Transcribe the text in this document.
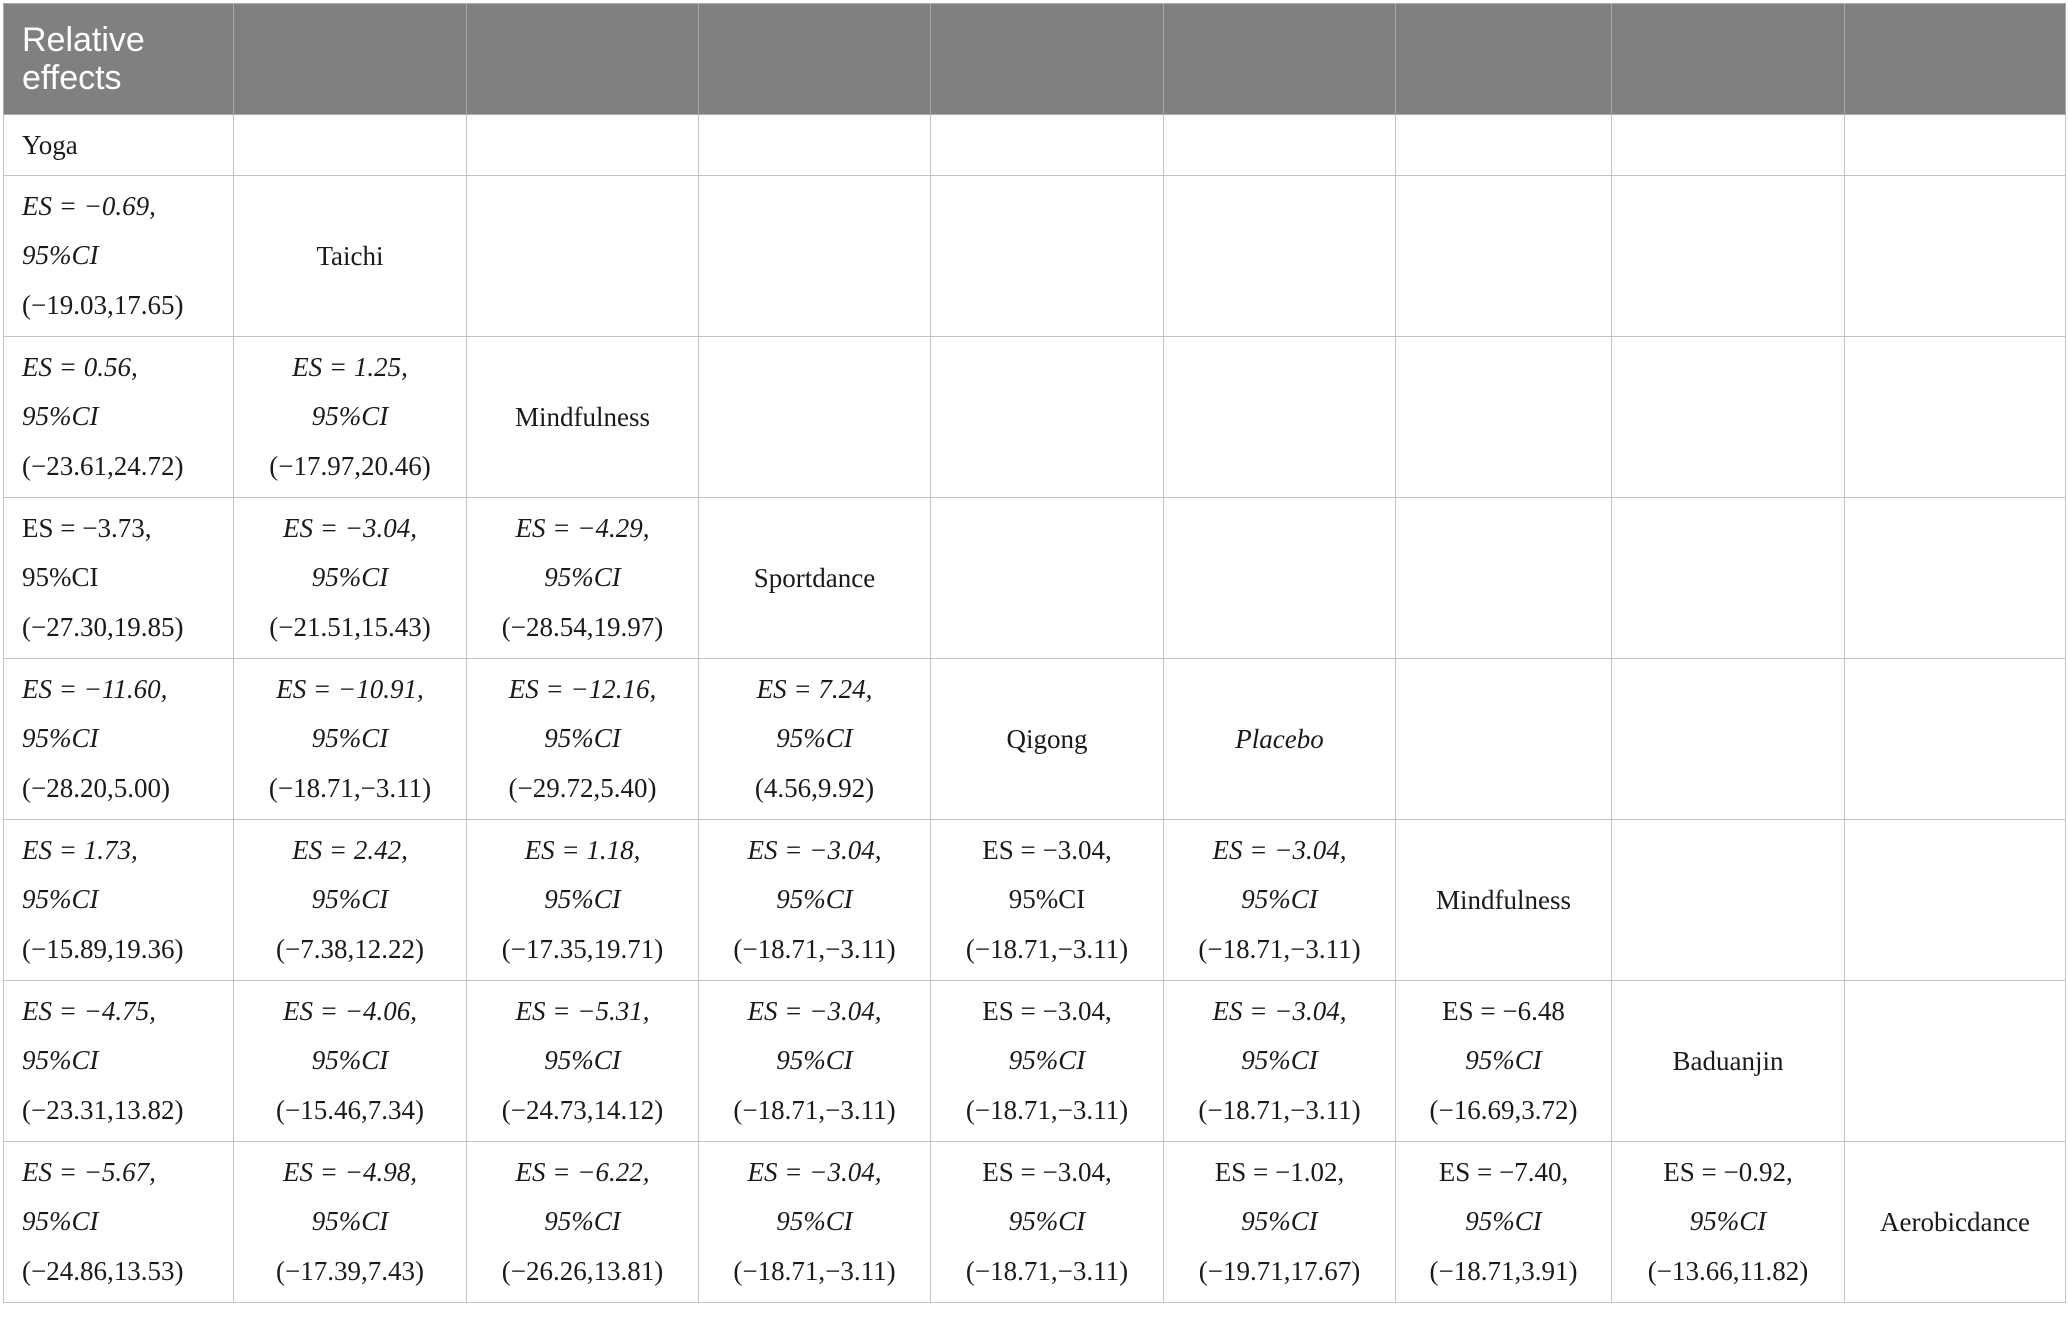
Relative effects								

Yoga								

ES = −0.69,
95%CI
(−19.03,17.65)	Taichi							

ES = 0.56,
95%CI
(−23.61,24.72)	ES = 1.25,
95%CI
(−17.97,20.46)	Mindfulness						

ES = −3.73,
95%CI
(−27.30,19.85)	ES = −3.04,
95%CI
(−21.51,15.43)	ES = −4.29,
95%CI
(−28.54,19.97)	Sportdance					

ES = −11.60,
95%CI
(−28.20,5.00)	ES = −10.91,
95%CI
(−18.71,−3.11)	ES = −12.16,
95%CI
(−29.72,5.40)	ES = 7.24,
95%CI
(4.56,9.92)	Qigong	Placebo			

ES = 1.73,
95%CI
(−15.89,19.36)	ES = 2.42,
95%CI
(−7.38,12.22)	ES = 1.18,
95%CI
(−17.35,19.71)	ES = −3.04,
95%CI
(−18.71,−3.11)	ES = −3.04,
95%CI
(−18.71,−3.11)	ES = −3.04,
95%CI
(−18.71,−3.11)	Mindfulness		

ES = −4.75,
95%CI
(−23.31,13.82)	ES = −4.06,
95%CI
(−15.46,7.34)	ES = −5.31,
95%CI
(−24.73,14.12)	ES = −3.04,
95%CI
(−18.71,−3.11)	ES = −3.04,
95%CI
(−18.71,−3.11)	ES = −3.04,
95%CI
(−18.71,−3.11)	ES = −6.48
95%CI
(−16.69,3.72)	Baduanjin	

ES = −5.67,
95%CI
(−24.86,13.53)	ES = −4.98,
95%CI
(−17.39,7.43)	ES = −6.22,
95%CI
(−26.26,13.81)	ES = −3.04,
95%CI
(−18.71,−3.11)	ES = −3.04,
95%CI
(−18.71,−3.11)	ES = −1.02,
95%CI
(−19.71,17.67)	ES = −7.40,
95%CI
(−18.71,3.91)	ES = −0.92,
95%CI
(−13.66,11.82)	Aerobicdance
